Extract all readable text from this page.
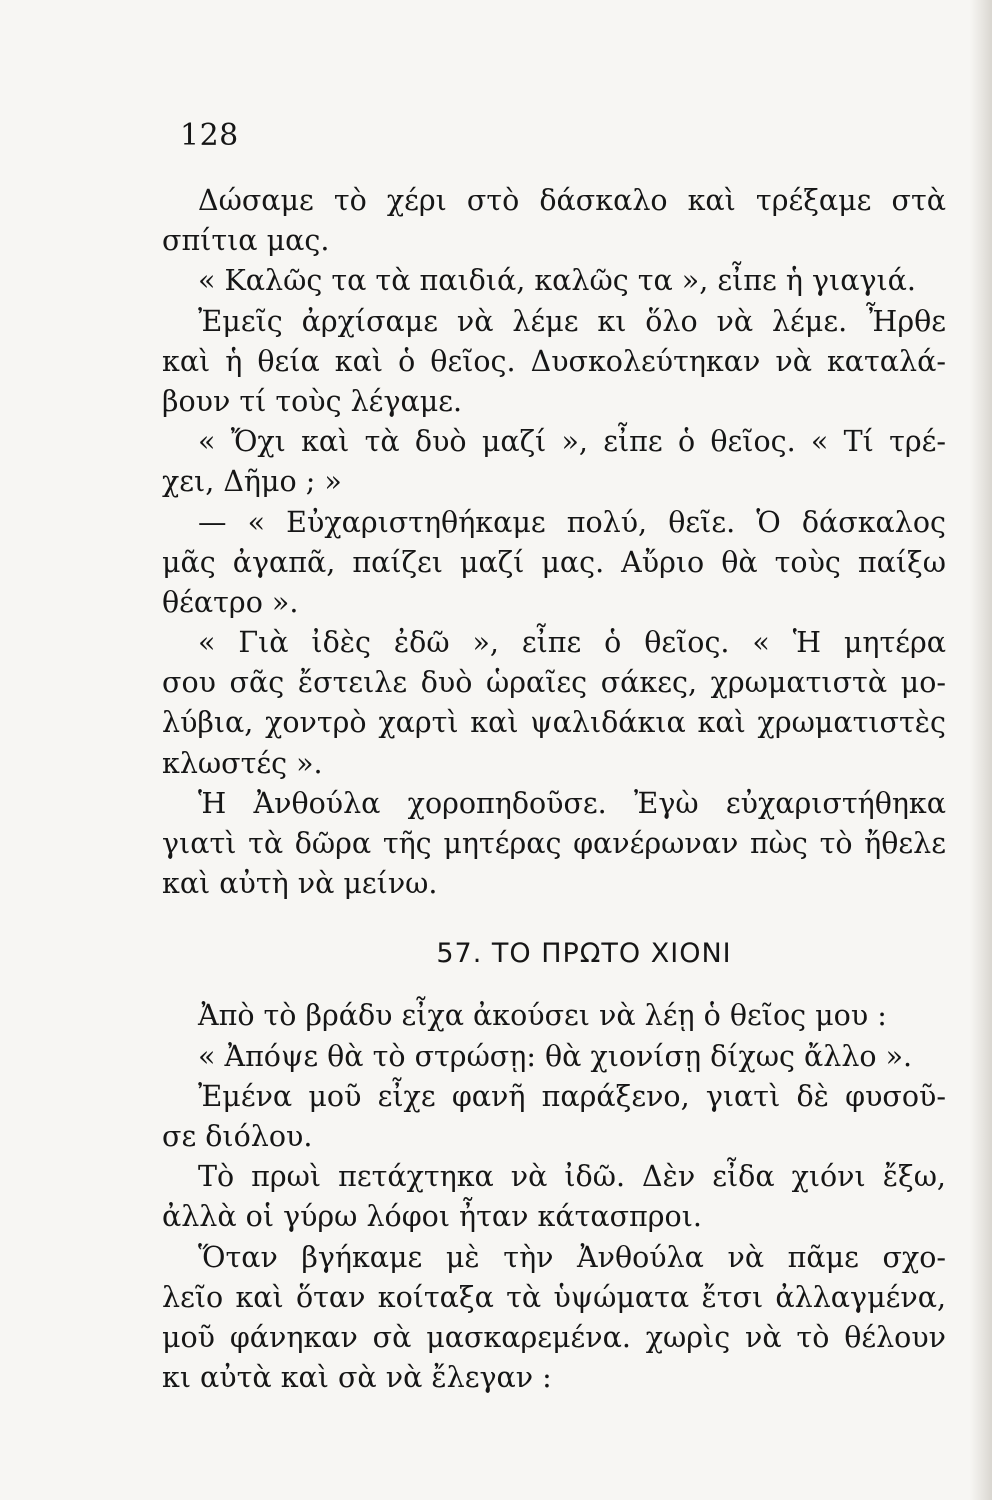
128
Δώσαμε τὸ χέρι στὸ δάσκαλο καὶ τρέξαμε στὰ
σπίτια μας.
« Καλῶς τα τὰ παιδιά, καλῶς τα », εἶπε ἡ γιαγιά.
Ἐμεῖς ἀρχίσαμε νὰ λέμε κι ὅλο νὰ λέμε. Ἦρθε
καὶ ἡ θεία καὶ ὁ θεῖος. Δυσκολεύτηκαν νὰ καταλά-
βουν τί τοὺς λέγαμε.
« Ὄχι καὶ τὰ δυὸ μαζί », εἶπε ὁ θεῖος. « Τί τρέ-
χει, Δῆμο ; »
— « Εὐχαριστηθήκαμε πολύ, θεῖε. Ὁ δάσκαλος
μᾶς ἀγαπᾶ, παίζει μαζί μας. Αὔριο θὰ τοὺς παίξω
θέατρο ».
« Γιὰ ἰδὲς ἐδῶ », εἶπε ὁ θεῖος. « Ἡ μητέρα
σου σᾶς ἔστειλε δυὸ ὡραῖες σάκες, χρωματιστὰ μο-
λύβια, χοντρὸ χαρτὶ καὶ ψαλιδάκια καὶ χρωματιστὲς
κλωστές ».
Ἡ Ἀνθούλα χοροπηδοῦσε. Ἐγὼ εὐχαριστήθηκα
γιατὶ τὰ δῶρα τῆς μητέρας φανέρωναν πὼς τὸ ἤθελε
καὶ αὐτὴ νὰ μείνω.
57. ΤΟ ΠΡΩΤΟ ΧΙΟΝΙ
Ἀπὸ τὸ βράδυ εἶχα ἀκούσει νὰ λέῃ ὁ θεῖος μου :
« Ἀπόψε θὰ τὸ στρώσῃ: θὰ χιονίσῃ δίχως ἄλλο ».
Ἐμένα μοῦ εἶχε φανῆ παράξενο, γιατὶ δὲ φυσοῦ-
σε διόλου.
Τὸ πρωὶ πετάχτηκα νὰ ἰδῶ. Δὲν εἶδα χιόνι ἔξω,
ἀλλὰ οἱ γύρω λόφοι ἦταν κάτασπροι.
Ὅταν βγήκαμε μὲ τὴν Ἀνθούλα νὰ πᾶμε σχο-
λεῖο καὶ ὅταν κοίταξα τὰ ὑψώματα ἔτσι ἀλλαγμένα,
μοῦ φάνηκαν σὰ μασκαρεμένα. χωρὶς νὰ τὸ θέλουν
κι αὐτὰ καὶ σὰ νὰ ἔλεγαν :
